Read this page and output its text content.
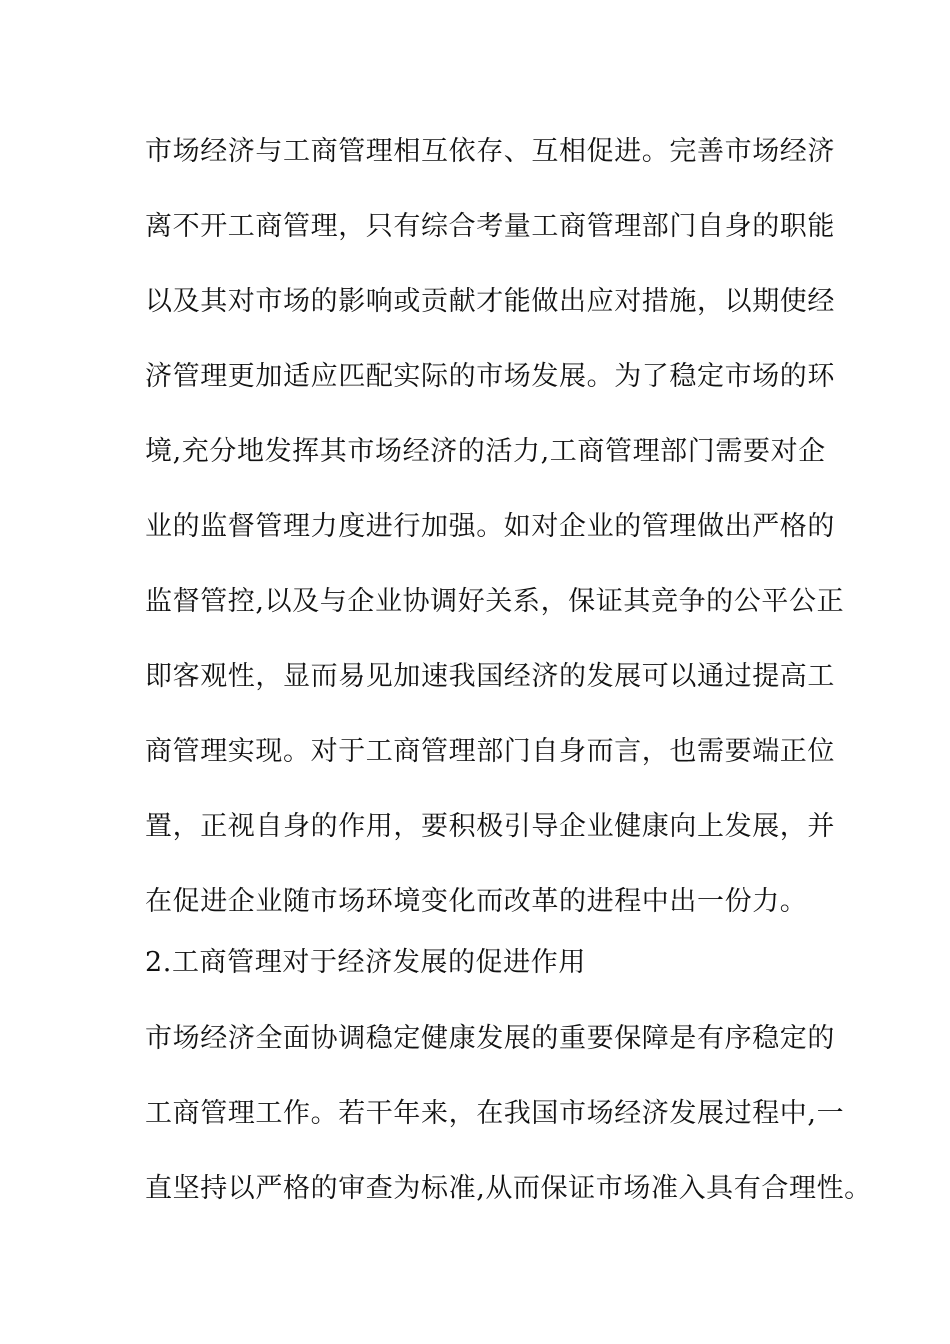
市场经济与工商管理相互依存、互相促进。完善市场经济
离不开工商管理，只有综合考量工商管理部门自身的职能
以及其对市场的影响或贡献才能做出应对措施，以期使经
济管理更加适应匹配实际的市场发展。为了稳定市场的环
境,充分地发挥其市场经济的活力,工商管理部门需要对企
业的监督管理力度进行加强。如对企业的管理做出严格的
监督管控,以及与企业协调好关系，保证其竞争的公平公正
即客观性，显而易见加速我国经济的发展可以通过提高工
商管理实现。对于工商管理部门自身而言，也需要端正位
置，正视自身的作用，要积极引导企业健康向上发展，并
在促进企业随市场环境变化而改革的进程中出一份力。
2.工商管理对于经济发展的促进作用
市场经济全面协调稳定健康发展的重要保障是有序稳定的
工商管理工作。若干年来，在我国市场经济发展过程中,一
直坚持以严格的审查为标准,从而保证市场准入具有合理性。
